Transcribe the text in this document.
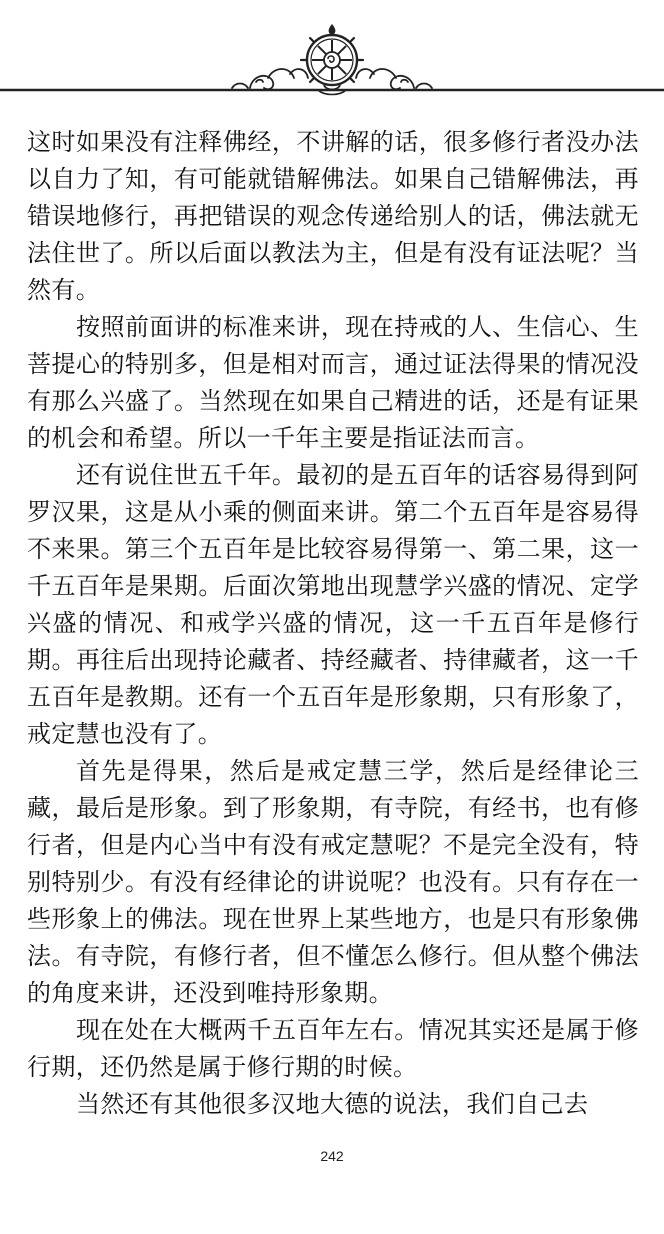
这时如果没有注释佛经，不讲解的话，很多修行者没办法以自力了知，有可能就错解佛法。如果自己错解佛法，再错误地修行，再把错误的观念传递给别人的话，佛法就无法住世了。所以后面以教法为主，但是有没有证法呢？当然有。

按照前面讲的标准来讲，现在持戒的人、生信心、生菩提心的特别多，但是相对而言，通过证法得果的情况没有那么兴盛了。当然现在如果自己精进的话，还是有证果的机会和希望。所以一千年主要是指证法而言。

还有说住世五千年。最初的是五百年的话容易得到阿罗汉果，这是从小乘的侧面来讲。第二个五百年是容易得不来果。第三个五百年是比较容易得第一、第二果，这一千五百年是果期。后面次第地出现慧学兴盛的情况、定学兴盛的情况、和戒学兴盛的情况，这一千五百年是修行期。再往后出现持论藏者、持经藏者、持律藏者，这一千五百年是教期。还有一个五百年是形象期，只有形象了，戒定慧也没有了。

首先是得果，然后是戒定慧三学，然后是经律论三藏，最后是形象。到了形象期，有寺院，有经书，也有修行者，但是内心当中有没有戒定慧呢？不是完全没有，特别特别少。有没有经律论的讲说呢？也没有。只有存在一些形象上的佛法。现在世界上某些地方，也是只有形象佛法。有寺院，有修行者，但不懂怎么修行。但从整个佛法的角度来讲，还没到唯持形象期。

现在处在大概两千五百年左右。情况其实还是属于修行期，还仍然是属于修行期的时候。

当然还有其他很多汉地大德的说法，我们自己去

242
